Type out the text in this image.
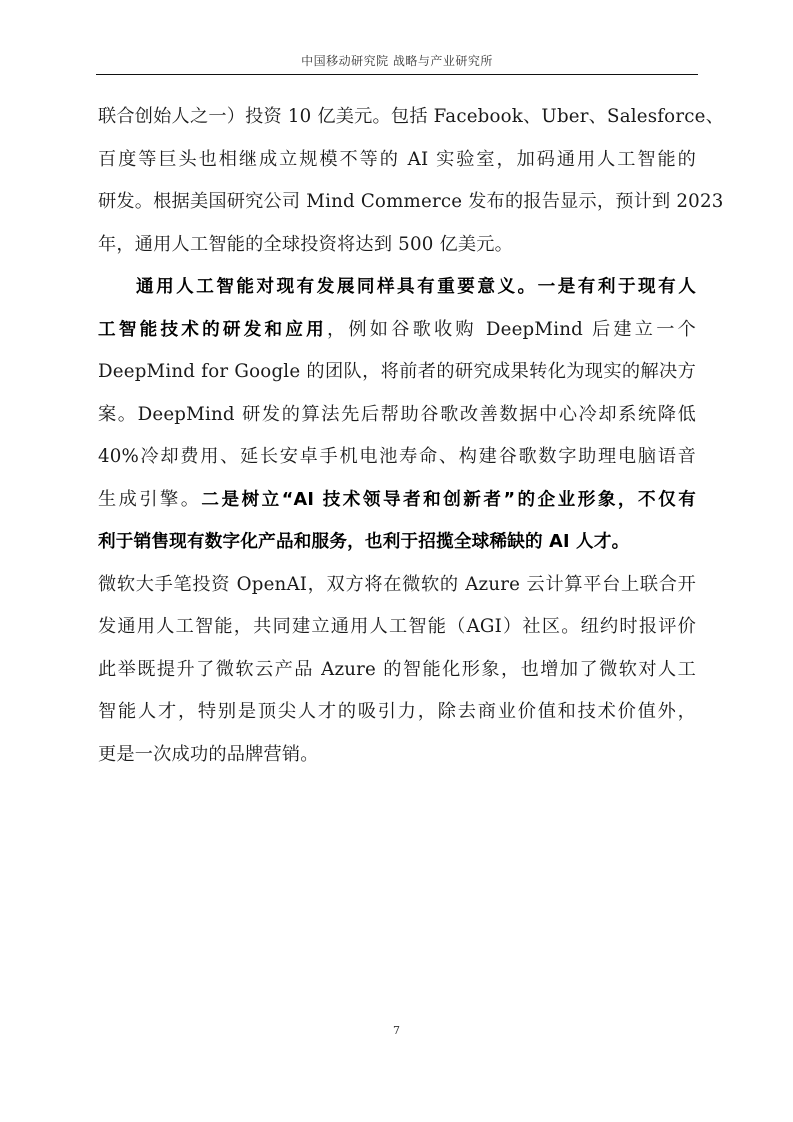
中国移动研究院 战略与产业研究所
联合创始人之一）投资 10 亿美元。包括 Facebook、Uber、Salesforce、
百度等巨头也相继成立规模不等的 AI 实验室，加码通用人工智能的
研发。根据美国研究公司 Mind Commerce 发布的报告显示，预计到 2023
年，通用人工智能的全球投资将达到 500 亿美元。
通用人工智能对现有发展同样具有重要意义。一是有利于现有人
工智能技术的研发和应用，例如谷歌收购 DeepMind 后建立一个
DeepMind for Google 的团队，将前者的研究成果转化为现实的解决方
案。DeepMind 研发的算法先后帮助谷歌改善数据中心冷却系统降低
40%冷却费用、延长安卓手机电池寿命、构建谷歌数字助理电脑语音
生成引擎。二是树立“AI 技术领导者和创新者”的企业形象，不仅有
利于销售现有数字化产品和服务，也利于招揽全球稀缺的 AI 人才。
微软大手笔投资 OpenAI，双方将在微软的 Azure 云计算平台上联合开
发通用人工智能，共同建立通用人工智能（AGI）社区。纽约时报评价
此举既提升了微软云产品 Azure 的智能化形象，也增加了微软对人工
智能人才，特别是顶尖人才的吸引力，除去商业价值和技术价值外，
更是一次成功的品牌营销。
7
